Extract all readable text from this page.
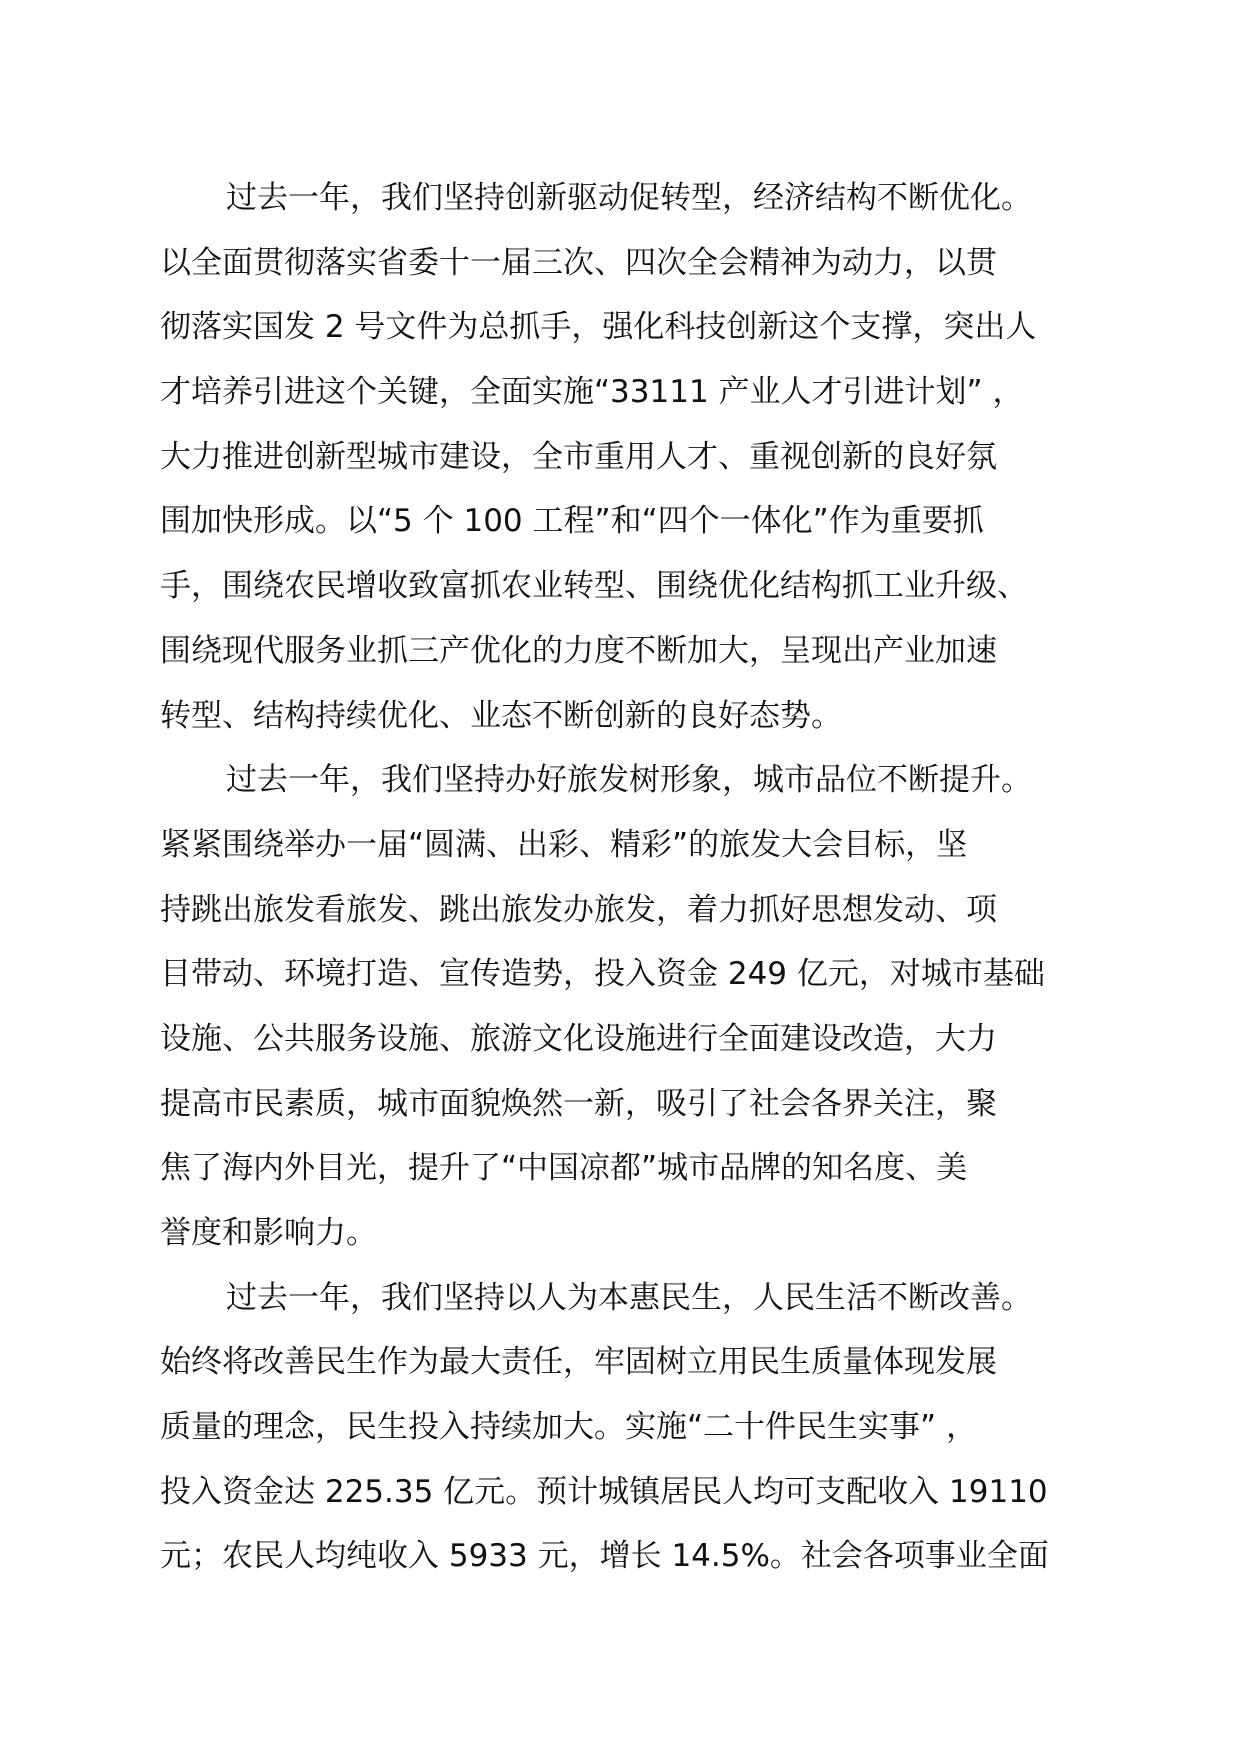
过去一年，我们坚持创新驱动促转型，经济结构不断优化。
以全面贯彻落实省委十一届三次、四次全会精神为动力，以贯
彻落实国发 2 号文件为总抓手，强化科技创新这个支撑，突出人
才培养引进这个关键，全面实施“33111 产业人才引进计划” ，
大力推进创新型城市建设，全市重用人才、重视创新的良好氛
围加快形成。以“5 个 100 工程”和“四个一体化”作为重要抓
手，围绕农民增收致富抓农业转型、围绕优化结构抓工业升级、
围绕现代服务业抓三产优化的力度不断加大，呈现出产业加速
转型、结构持续优化、业态不断创新的良好态势。
过去一年，我们坚持办好旅发树形象，城市品位不断提升。
紧紧围绕举办一届“圆满、出彩、精彩”的旅发大会目标，坚
持跳出旅发看旅发、跳出旅发办旅发，着力抓好思想发动、项
目带动、环境打造、宣传造势，投入资金 249 亿元，对城市基础
设施、公共服务设施、旅游文化设施进行全面建设改造，大力
提高市民素质，城市面貌焕然一新，吸引了社会各界关注，聚
焦了海内外目光，提升了“中国凉都”城市品牌的知名度、美
誉度和影响力。
过去一年，我们坚持以人为本惠民生，人民生活不断改善。
始终将改善民生作为最大责任，牢固树立用民生质量体现发展
质量的理念，民生投入持续加大。实施“二十件民生实事” ，
投入资金达 225.35 亿元。预计城镇居民人均可支配收入 19110
元；农民人均纯收入 5933 元，增长 14.5%。社会各项事业全面
